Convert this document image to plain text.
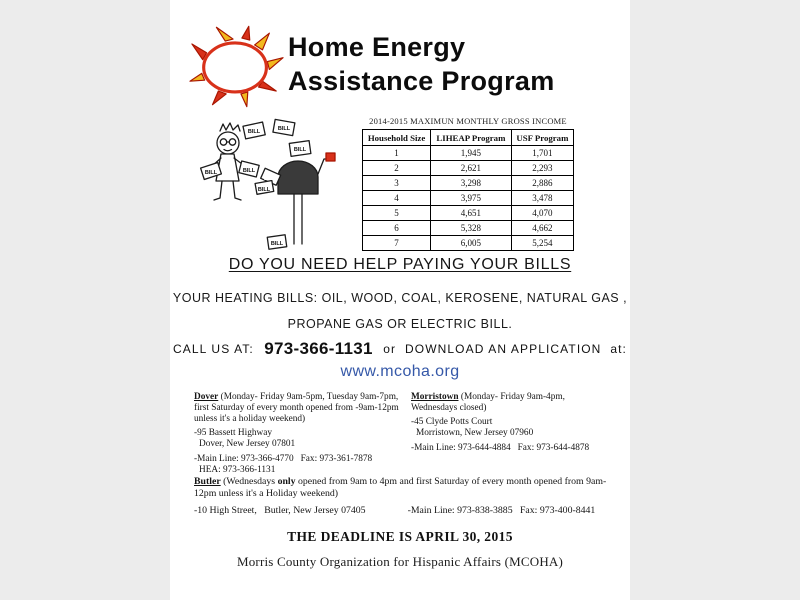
Home Energy
Assistance Program
BILL	BILL
BILL
BILL	BILL
BILL
BILL
BILL
2014-2015 MAXIMUN MONTHLY GROSS INCOME
Household Size	LIHEAP Program	USF Program
1	1,945	1,701
2	2,621	2,293
3	3,298	2,886
4	3,975	3,478
5	4,651	4,070
6	5,328	4,662
7	6,005	5,254
DO YOU NEED HELP PAYING YOUR BILLS
YOUR HEATING BILLS: OIL, WOOD, COAL, KEROSENE, NATURAL GAS ,
PROPANE GAS OR ELECTRIC BILL.
CALL US AT: 973-366-1131 or  DOWNLOAD AN APPLICATION  at:
www.mcoha.org
Dover (Monday- Friday 9am-5pm, Tuesday 9am-7pm, first Saturday of every month opened from -9am-12pm unless it's a holiday weekend)
-95 Bassett Highway
Dover, New Jersey 07801
-Main Line: 973-366-4770   Fax: 973-361-7878
HEA: 973-366-1131
Morristown (Monday- Friday 9am-4pm, Wednesdays closed)
-45 Clyde Potts Court
Morristown, New Jersey 07960
-Main Line: 973-644-4884   Fax: 973-644-4878
Butler (Wednesdays only opened from 9am to 4pm and first Saturday of every month opened from 9am-12pm unless it's a Holiday weekend)
-10 High Street,   Butler, New Jersey 07405	-Main Line: 973-838-3885   Fax: 973-400-8441
THE DEADLINE IS APRIL 30, 2015
Morris County Organization for Hispanic Affairs (MCOHA)
